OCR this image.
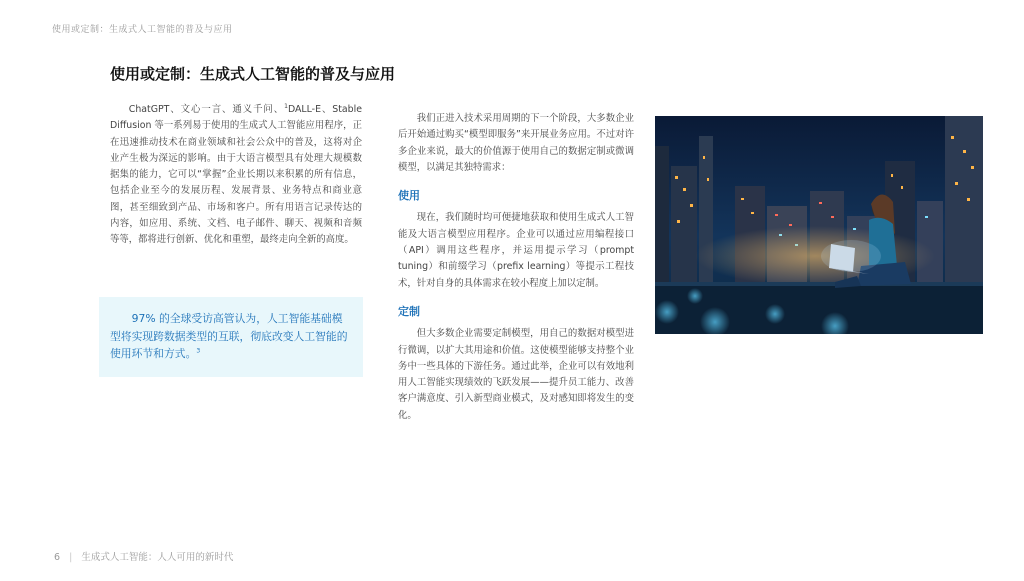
使用或定制：生成式人工智能的普及与应用
使用或定制：生成式人工智能的普及与应用

ChatGPT、文心一言、通义千问、$^1$DALL-E、Stable Diffusion 等一系列易于使用的生成式人工智能应用程序，正在迅速推动技术在商业领域和社会公众中的普及，这将对企业产生极为深远的影响。由于大语言模型具有处理大规模数据集的能力，它可以“掌握”企业长期以来积累的所有信息，包括企业至今的发展历程、发展背景、业务特点和商业意图，甚至细致到产品、市场和客户。所有用语言记录传达的内容，如应用、系统、文档、电子邮件、聊天、视频和音频等等，都将进行创新、优化和重塑，最终走向全新的高度。

97% 的全球受访高管认为，人工智能基础模型将实现跨数据类型的互联，彻底改变人工智能的使用环节和方式。$^3$

我们正进入技术采用周期的下一个阶段，大多数企业后开始通过购买“模型即服务”来开展业务应用。不过对许多企业来说，最大的价值源于使用自己的数据定制或微调模型，以满足其独特需求：

使用

现在，我们随时均可便捷地获取和使用生成式人工智能及大语言模型应用程序。企业可以通过应用编程接口（API）调用这些程序，并运用提示学习（prompt tuning）和前缀学习（prefix learning）等提示工程技术，针对自身的具体需求在较小程度上加以定制。

定制

但大多数企业需要定制模型，用自己的数据对模型进行微调，以扩大其用途和价值。这使模型能够支持整个业务中一些具体的下游任务。通过此举，企业可以有效地利用人工智能实现绩效的飞跃发展——提升员工能力、改善客户满意度、引入新型商业模式，及对感知即将发生的变化。

6 | 生成式人工智能：人人可用的新时代
